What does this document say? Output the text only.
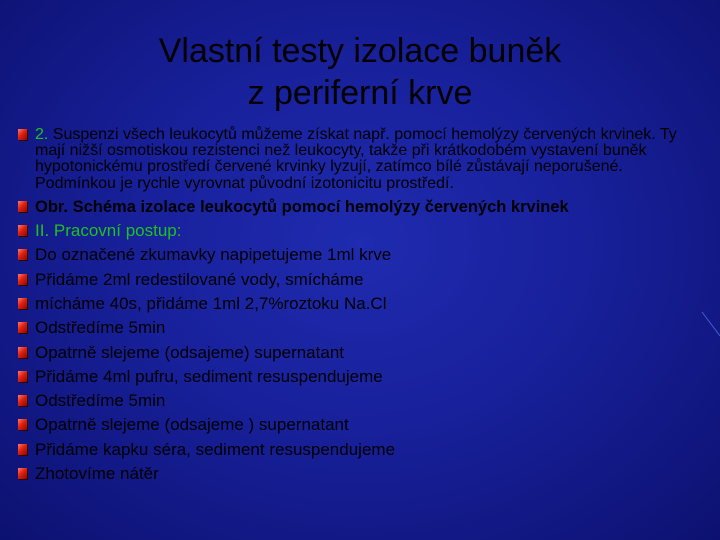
Vlastní testy izolace buněk
z periferní krve
2. Suspenzi všech leukocytů můžeme získat např. pomocí hemolýzy červených krvinek. Ty mají nižší osmotiskou rezistenci než leukocyty, takže při krátkodobém vystavení buněk hypotonickému prostředí červené krvinky lyzují, zatímco bílé zůstávají neporušené. Podmínkou je rychle vyrovnat původní izotonicitu prostředí.
Obr. Schéma izolace leukocytů pomocí hemolýzy červených krvinek
II. Pracovní postup:
Do označené zkumavky napipetujeme 1ml krve
Přidáme 2ml redestilované vody, smícháme
mícháme 40s, přidáme 1ml 2,7%roztoku Na.Cl
Odstředíme 5min
Opatrně slejeme (odsajeme) supernatant
Přidáme 4ml pufru, sediment resuspendujeme
Odstředíme 5min
Opatrně slejeme (odsajeme ) supernatant
Přidáme kapku séra, sediment resuspendujeme
Zhotovíme nátěr
